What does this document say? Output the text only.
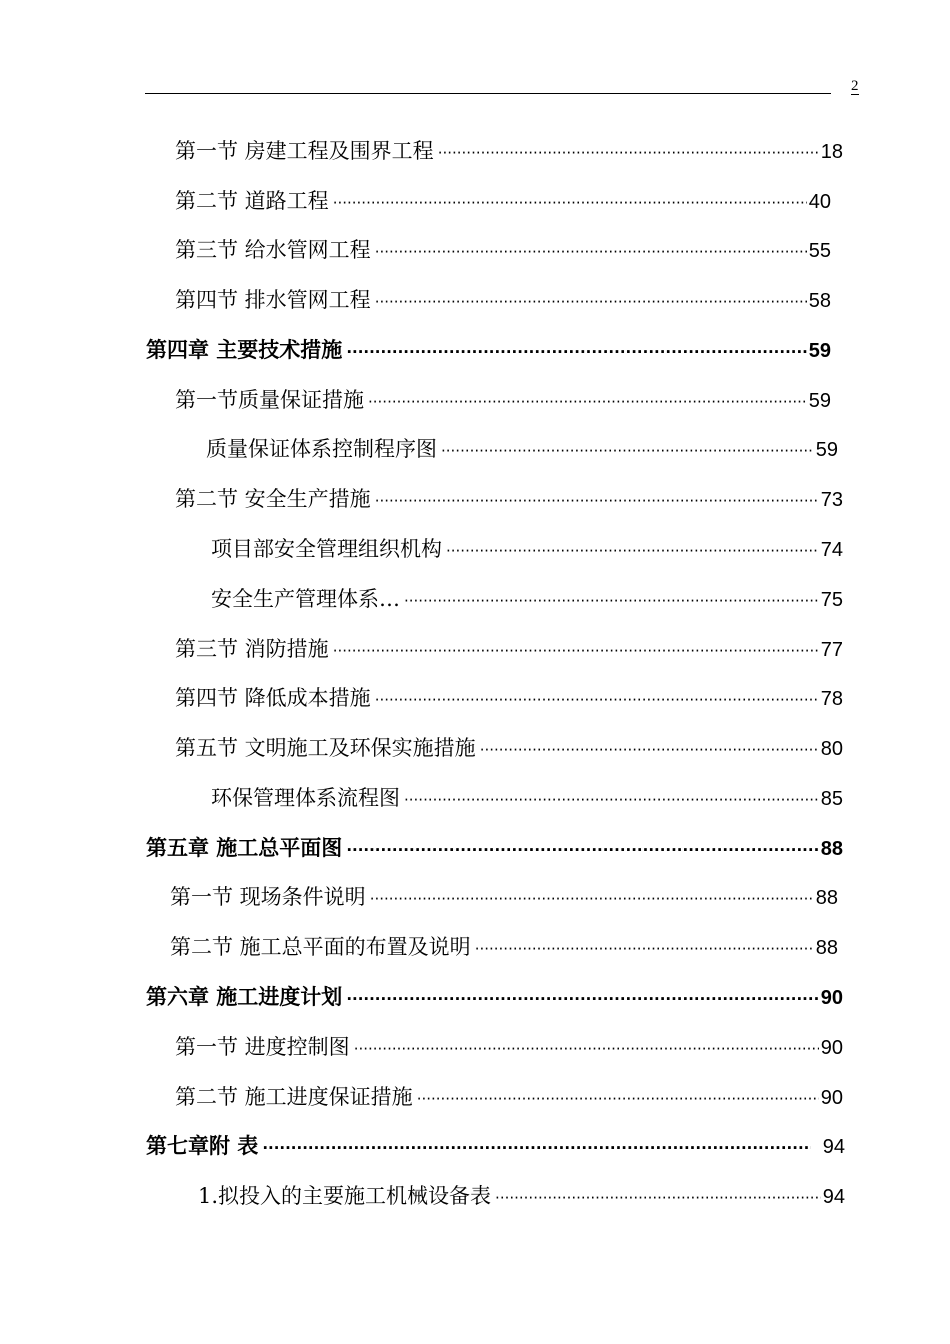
2
第一节 房建工程及围界工程 ·····	18
第二节 道路工程 ·····	40
第三节 给水管网工程 ·····	55
第四节 排水管网工程 ·····	58
第四章 主要技术措施 ·····	59
第一节质量保证措施 ·····	59
质量保证体系控制程序图 ·····	59
第二节 安全生产措施 ·····	73
项目部安全管理组织机构 ·····	74
安全生产管理体系… ·····	75
第三节 消防措施 ·····	77
第四节 降低成本措施 ·····	78
第五节 文明施工及环保实施措施 ·····	80
环保管理体系流程图 ·····	85
第五章 施工总平面图 ·····	88
第一节 现场条件说明 ·····	88
第二节 施工总平面的布置及说明 ·····	88
第六章 施工进度计划 ·····	90
第一节 进度控制图 ·····	90
第二节 施工进度保证措施 ·····	90
第七章附 表 ·····	94
1.拟投入的主要施工机械设备表 ·····	94
